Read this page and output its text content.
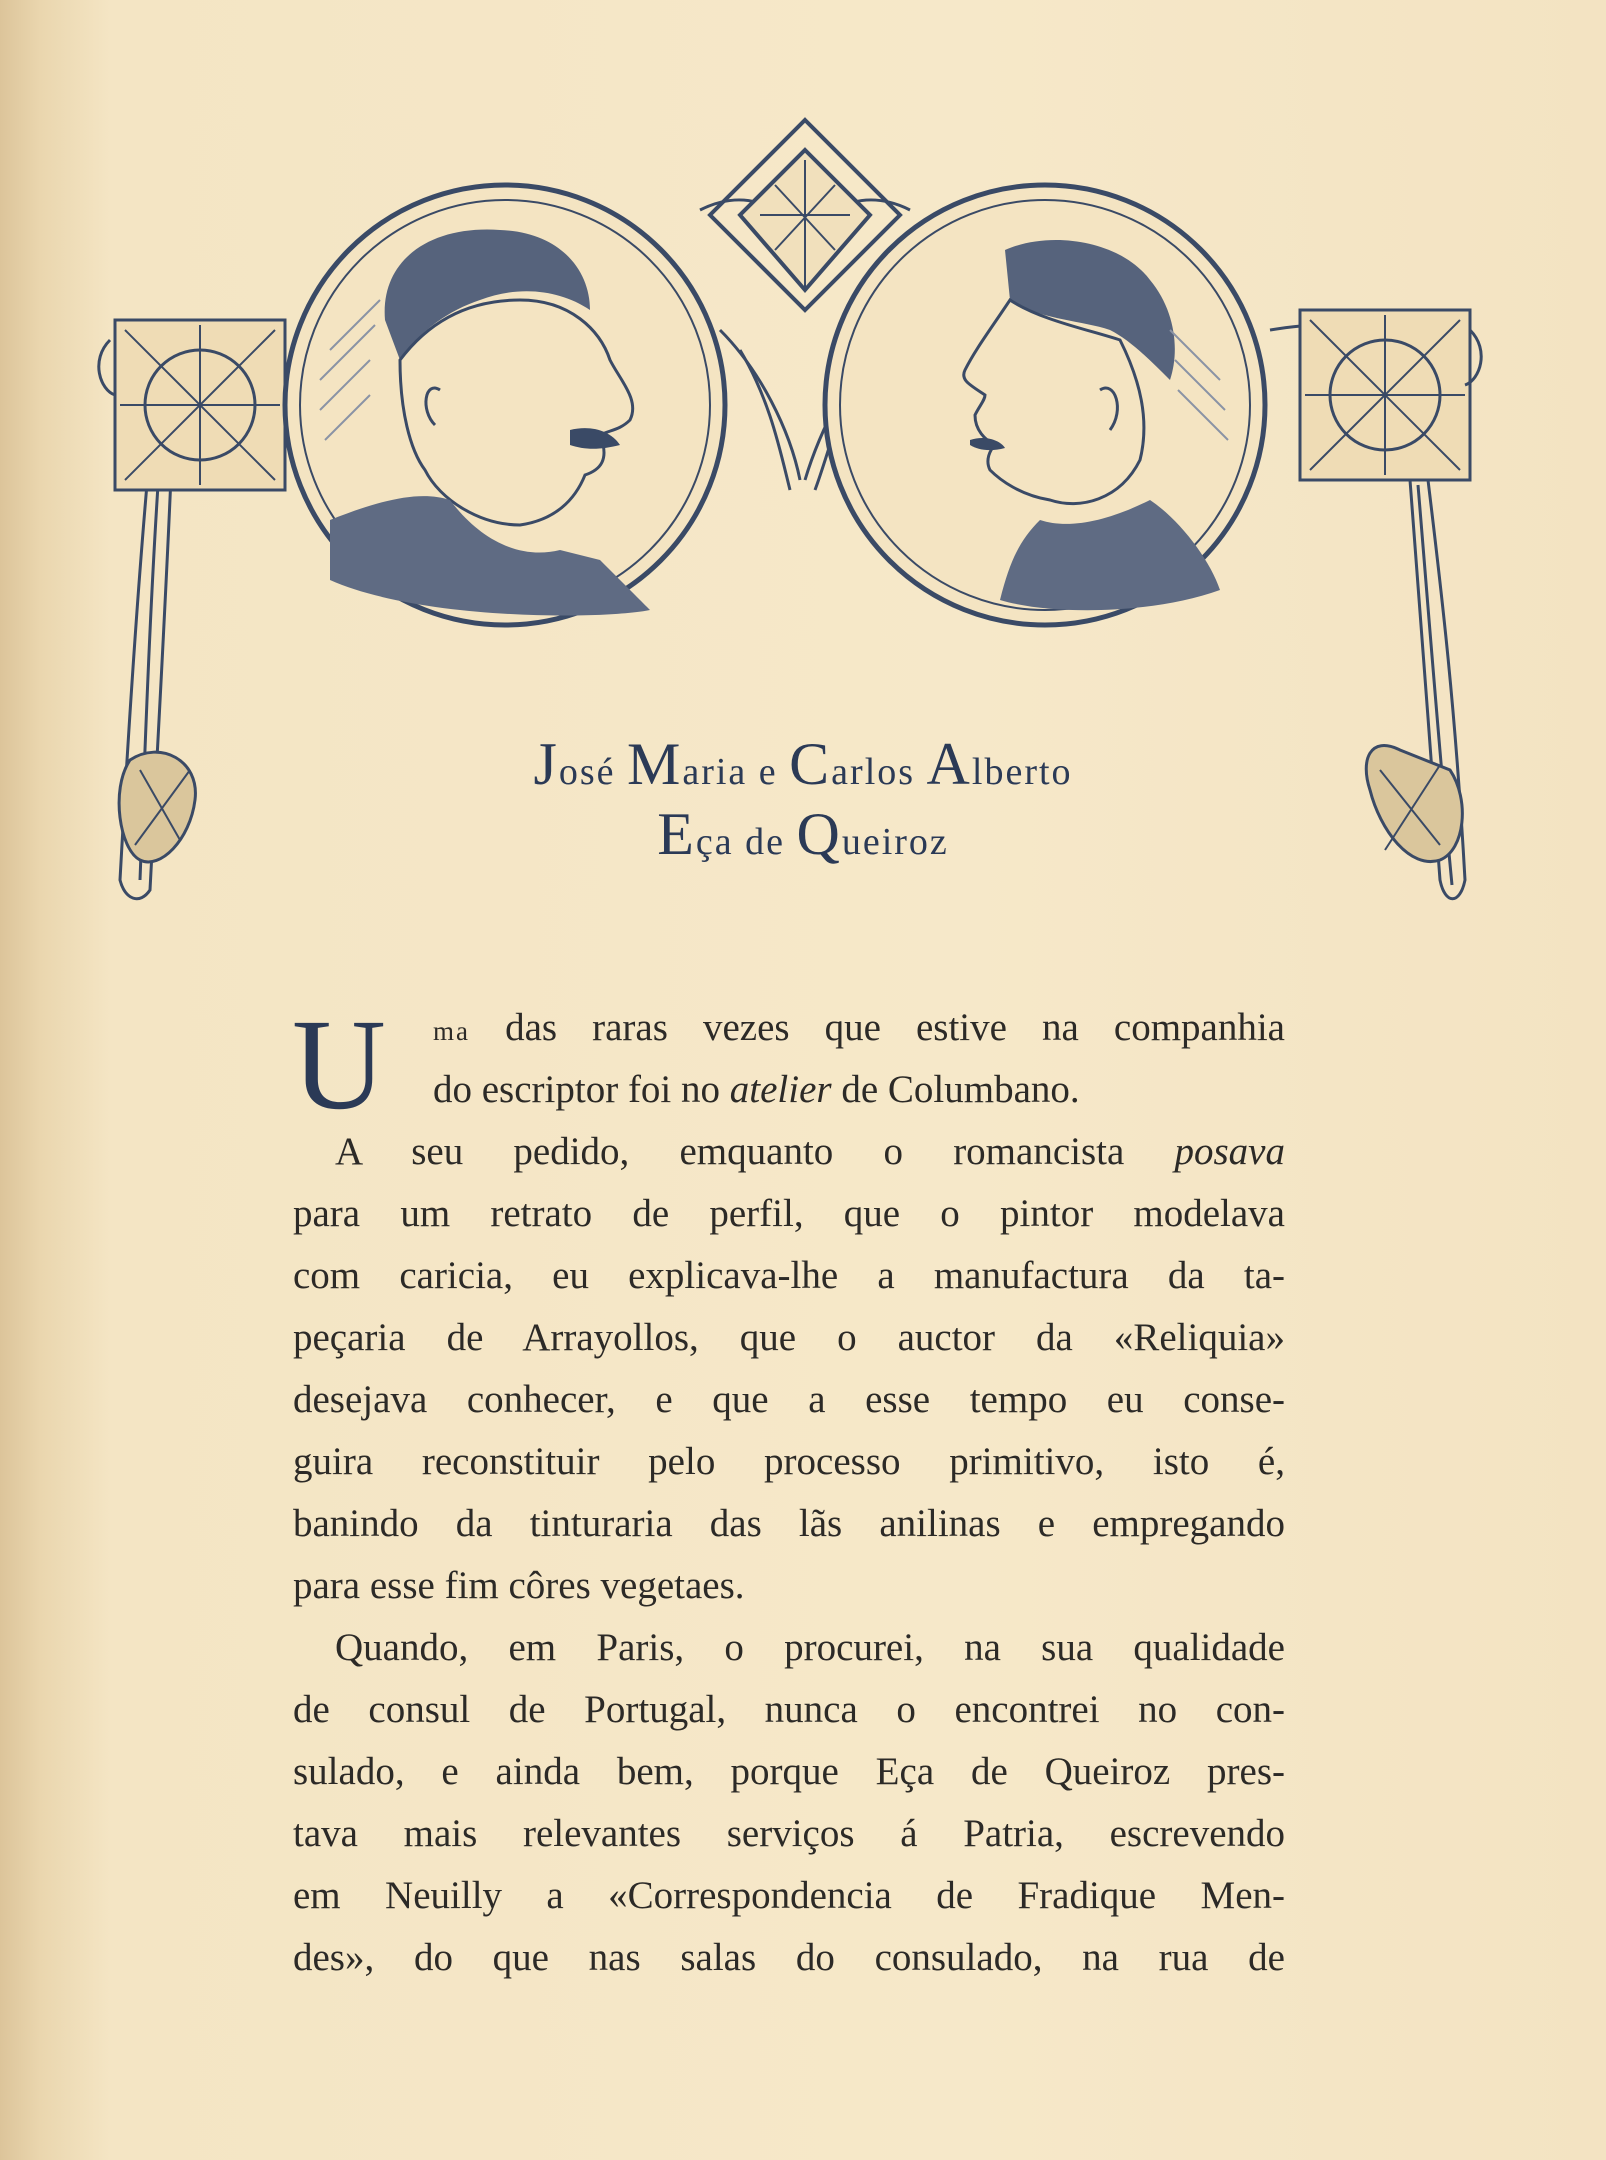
José Maria e Carlos Alberto
Eça de Queiroz
U ma das raras vezes que estive na companhia
do escriptor foi no atelier de Columbano.
A seu pedido, emquanto o romancista posava
para um retrato de perfil, que o pintor modelava
com caricia, eu explicava-lhe a manufactura da ta-
peçaria de Arrayollos, que o auctor da «Reliquia»
desejava conhecer, e que a esse tempo eu conse-
guira reconstituir pelo processo primitivo, isto é,
banindo da tinturaria das lãs anilinas e empregando
para esse fim côres vegetaes.
Quando, em Paris, o procurei, na sua qualidade
de consul de Portugal, nunca o encontrei no con-
sulado, e ainda bem, porque Eça de Queiroz pres-
tava mais relevantes serviços á Patria, escrevendo
em Neuilly a «Correspondencia de Fradique Men-
des», do que nas salas do consulado, na rua de
